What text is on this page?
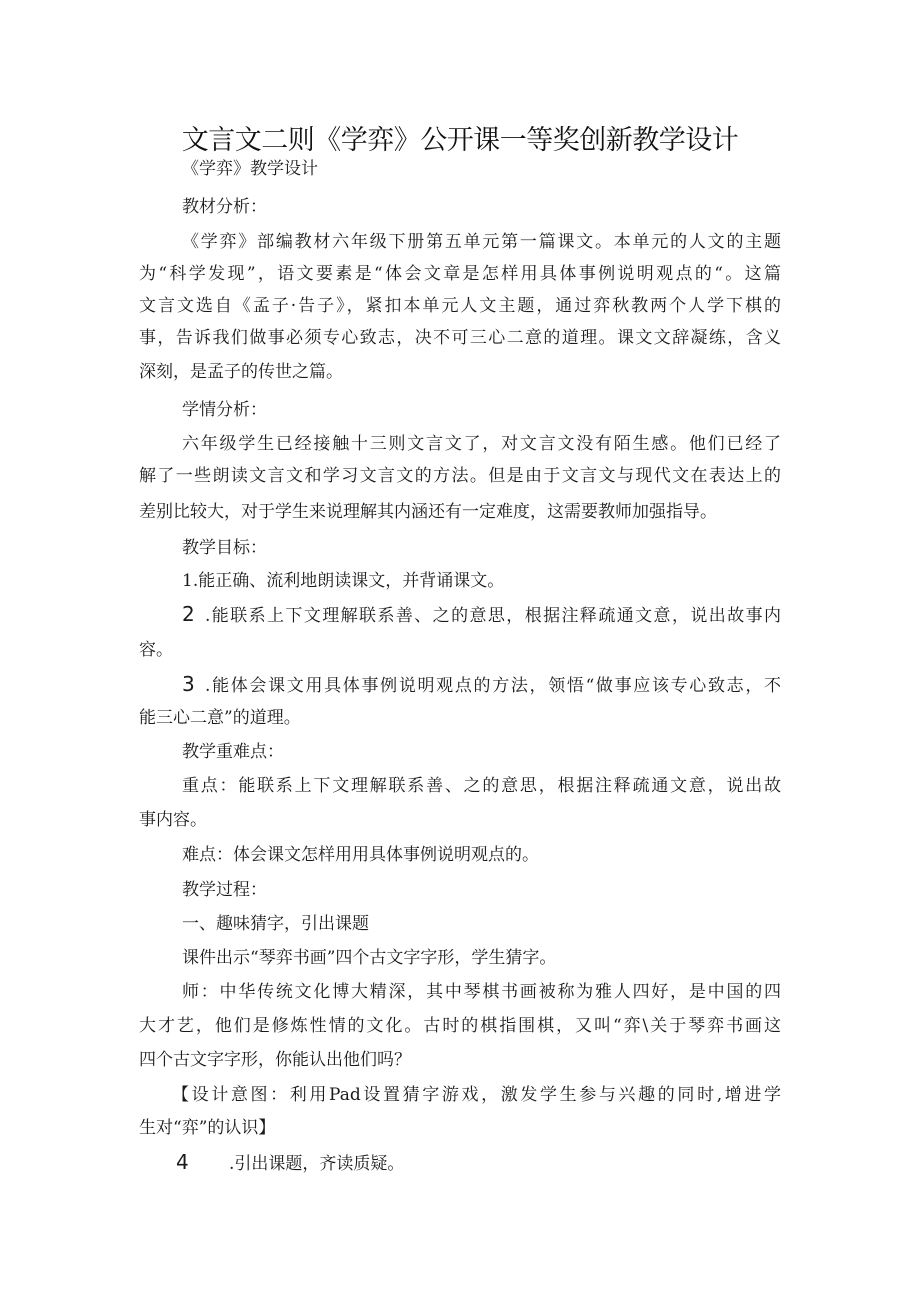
文言文二则《学弈》公开课一等奖创新教学设计
《学弈》教学设计
教材分析：
《学弈》部编教材六年级下册第五单元第一篇课文。本单元的人文的主题
为“科学发现”，语文要素是“体会文章是怎样用具体事例说明观点的“。这篇
文言文选自《孟子·告子》，紧扣本单元人文主题，通过弈秋教两个人学下棋的
事，告诉我们做事必须专心致志，决不可三心二意的道理。课文文辞凝练，含义
深刻，是孟子的传世之篇。
学情分析：
六年级学生已经接触十三则文言文了，对文言文没有陌生感。他们已经了
解了一些朗读文言文和学习文言文的方法。但是由于文言文与现代文在表达上的
差别比较大，对于学生来说理解其内涵还有一定难度，这需要教师加强指导。
教学目标：
1.能正确、流利地朗读课文，并背诵课文。
2 .能联系上下文理解联系善、之的意思，根据注释疏通文意，说出故事内
容。
3 .能体会课文用具体事例说明观点的方法，领悟“做事应该专心致志，不
能三心二意”的道理。
教学重难点：
重点：能联系上下文理解联系善、之的意思，根据注释疏通文意，说出故
事内容。
难点：体会课文怎样用用具体事例说明观点的。
教学过程：
一、趣味猜字，引出课题
课件出示“琴弈书画”四个古文字字形，学生猜字。
师：中华传统文化博大精深，其中琴棋书画被称为雅人四好，是中国的四
大才艺，他们是修炼性情的文化。古时的棋指围棋，又叫“弈\关于琴弈书画这
四个古文字字形，你能认出他们吗？
【设计意图：利用Pad设置猜字游戏，激发学生参与兴趣的同时,增进学
生对“弈”的认识】
4 .引出课题，齐读质疑。
